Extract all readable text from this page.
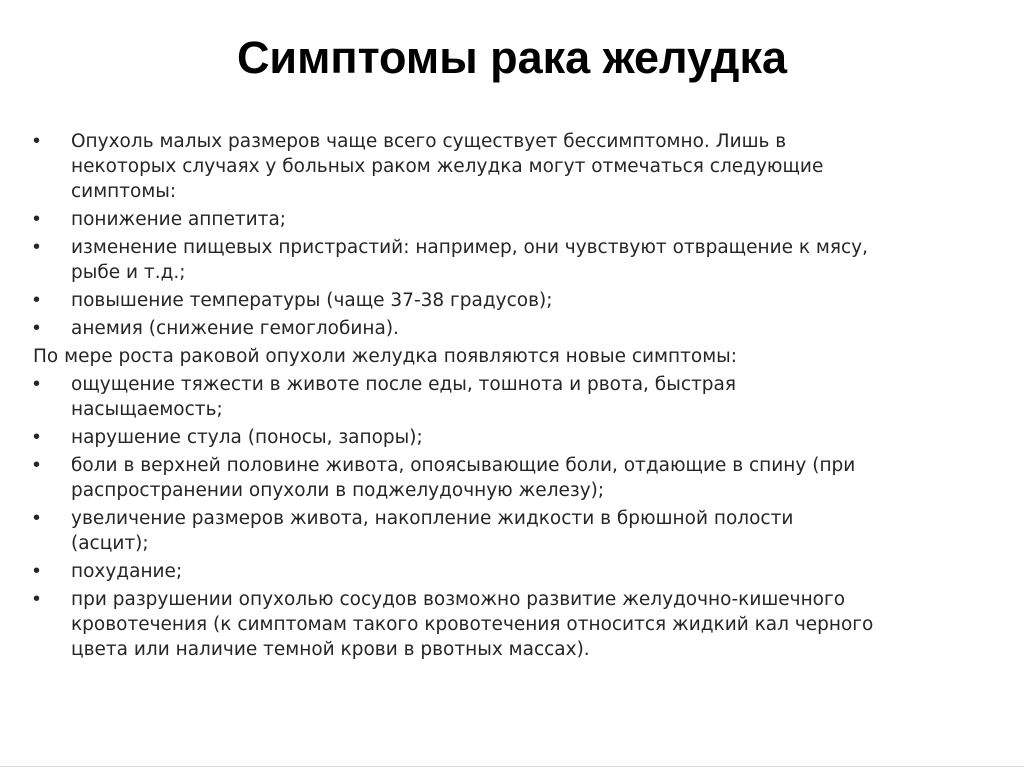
Симптомы рака желудка
•	Опухоль малых размеров чаще всего существует бессимптомно. Лишь в
некоторых случаях у больных раком желудка могут отмечаться следующие
симптомы:
•	понижение аппетита;
•	изменение пищевых пристрастий: например, они чувствуют отвращение к мясу,
рыбе и т.д.;
•	повышение температуры (чаще 37-38 градусов);
•	анемия (снижение гемоглобина).
По мере роста раковой опухоли желудка появляются новые симптомы:
•	ощущение тяжести в животе после еды, тошнота и рвота, быстрая
насыщаемость;
•	нарушение стула (поносы, запоры);
•	боли в верхней половине живота, опоясывающие боли, отдающие в спину (при
распространении опухоли в поджелудочную железу);
•	увеличение размеров живота, накопление жидкости в брюшной полости
(асцит);
•	похудание;
•	при разрушении опухолью сосудов возможно развитие желудочно-кишечного
кровотечения (к симптомам такого кровотечения относится жидкий кал черного
цвета или наличие темной крови в рвотных массах).
